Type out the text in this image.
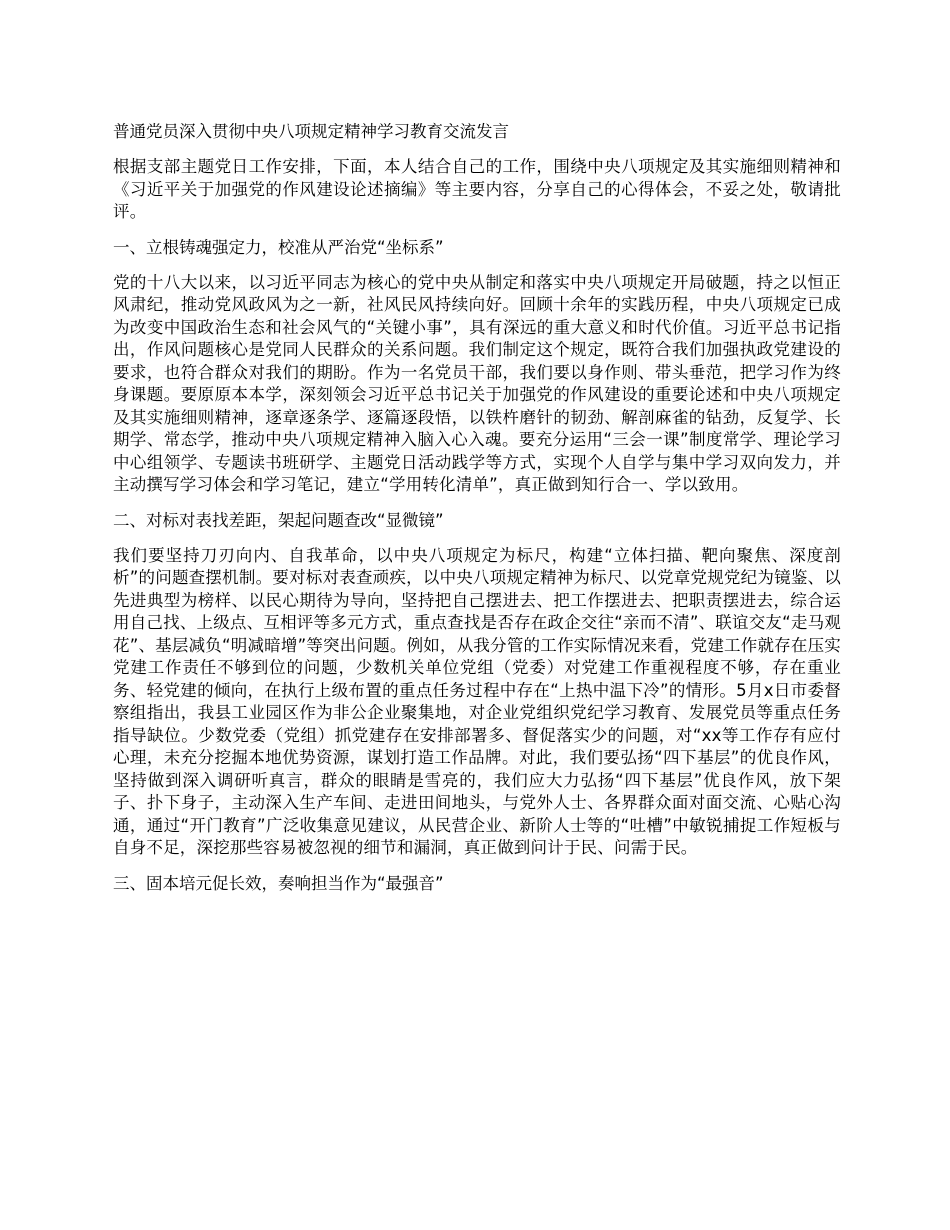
普通党员深入贯彻中央八项规定精神学习教育交流发言

根据支部主题党日工作安排，下面，本人结合自己的工作，围绕中央八项规定及其实施细则精神和《习近平关于加强党的作风建设论述摘编》等主要内容，分享自己的心得体会，不妥之处，敬请批评。

一、立根铸魂强定力，校准从严治党“坐标系”

党的十八大以来，以习近平同志为核心的党中央从制定和落实中央八项规定开局破题，持之以恒正风肃纪，推动党风政风为之一新，社风民风持续向好。回顾十余年的实践历程，中央八项规定已成为改变中国政治生态和社会风气的“关键小事”，具有深远的重大意义和时代价值。习近平总书记指出，作风问题核心是党同人民群众的关系问题。我们制定这个规定，既符合我们加强执政党建设的要求，也符合群众对我们的期盼。作为一名党员干部，我们要以身作则、带头垂范，把学习作为终身课题。要原原本本学，深刻领会习近平总书记关于加强党的作风建设的重要论述和中央八项规定及其实施细则精神，逐章逐条学、逐篇逐段悟，以铁杵磨针的韧劲、解剖麻雀的钻劲，反复学、长期学、常态学，推动中央八项规定精神入脑入心入魂。要充分运用“三会一课”制度常学、理论学习中心组领学、专题读书班研学、主题党日活动践学等方式，实现个人自学与集中学习双向发力，并主动撰写学习体会和学习笔记，建立“学用转化清单”，真正做到知行合一、学以致用。

二、对标对表找差距，架起问题查改“显微镜”

我们要坚持刀刃向内、自我革命，以中央八项规定为标尺，构建“立体扫描、靶向聚焦、深度剖析”的问题查摆机制。要对标对表查顽疾，以中央八项规定精神为标尺、以党章党规党纪为镜鉴、以先进典型为榜样、以民心期待为导向，坚持把自己摆进去、把工作摆进去、把职责摆进去，综合运用自己找、上级点、互相评等多元方式，重点查找是否存在政企交往“亲而不清”、联谊交友“走马观花”、基层减负“明减暗增”等突出问题。例如，从我分管的工作实际情况来看，党建工作就存在压实党建工作责任不够到位的问题，少数机关单位党组（党委）对党建工作重视程度不够，存在重业务、轻党建的倾向，在执行上级布置的重点任务过程中存在“上热中温下冷”的情形。5月x日市委督察组指出，我县工业园区作为非公企业聚集地，对企业党组织党纪学习教育、发展党员等重点任务指导缺位。少数党委（党组）抓党建存在安排部署多、督促落实少的问题，对“xx等工作存有应付心理，未充分挖掘本地优势资源，谋划打造工作品牌。对此，我们要弘扬“四下基层”的优良作风，坚持做到深入调研听真言，群众的眼睛是雪亮的，我们应大力弘扬“四下基层”优良作风，放下架子、扑下身子，主动深入生产车间、走进田间地头，与党外人士、各界群众面对面交流、心贴心沟通，通过“开门教育”广泛收集意见建议，从民营企业、新阶人士等的“吐槽”中敏锐捕捉工作短板与自身不足，深挖那些容易被忽视的细节和漏洞，真正做到问计于民、问需于民。

三、固本培元促长效，奏响担当作为“最强音”
